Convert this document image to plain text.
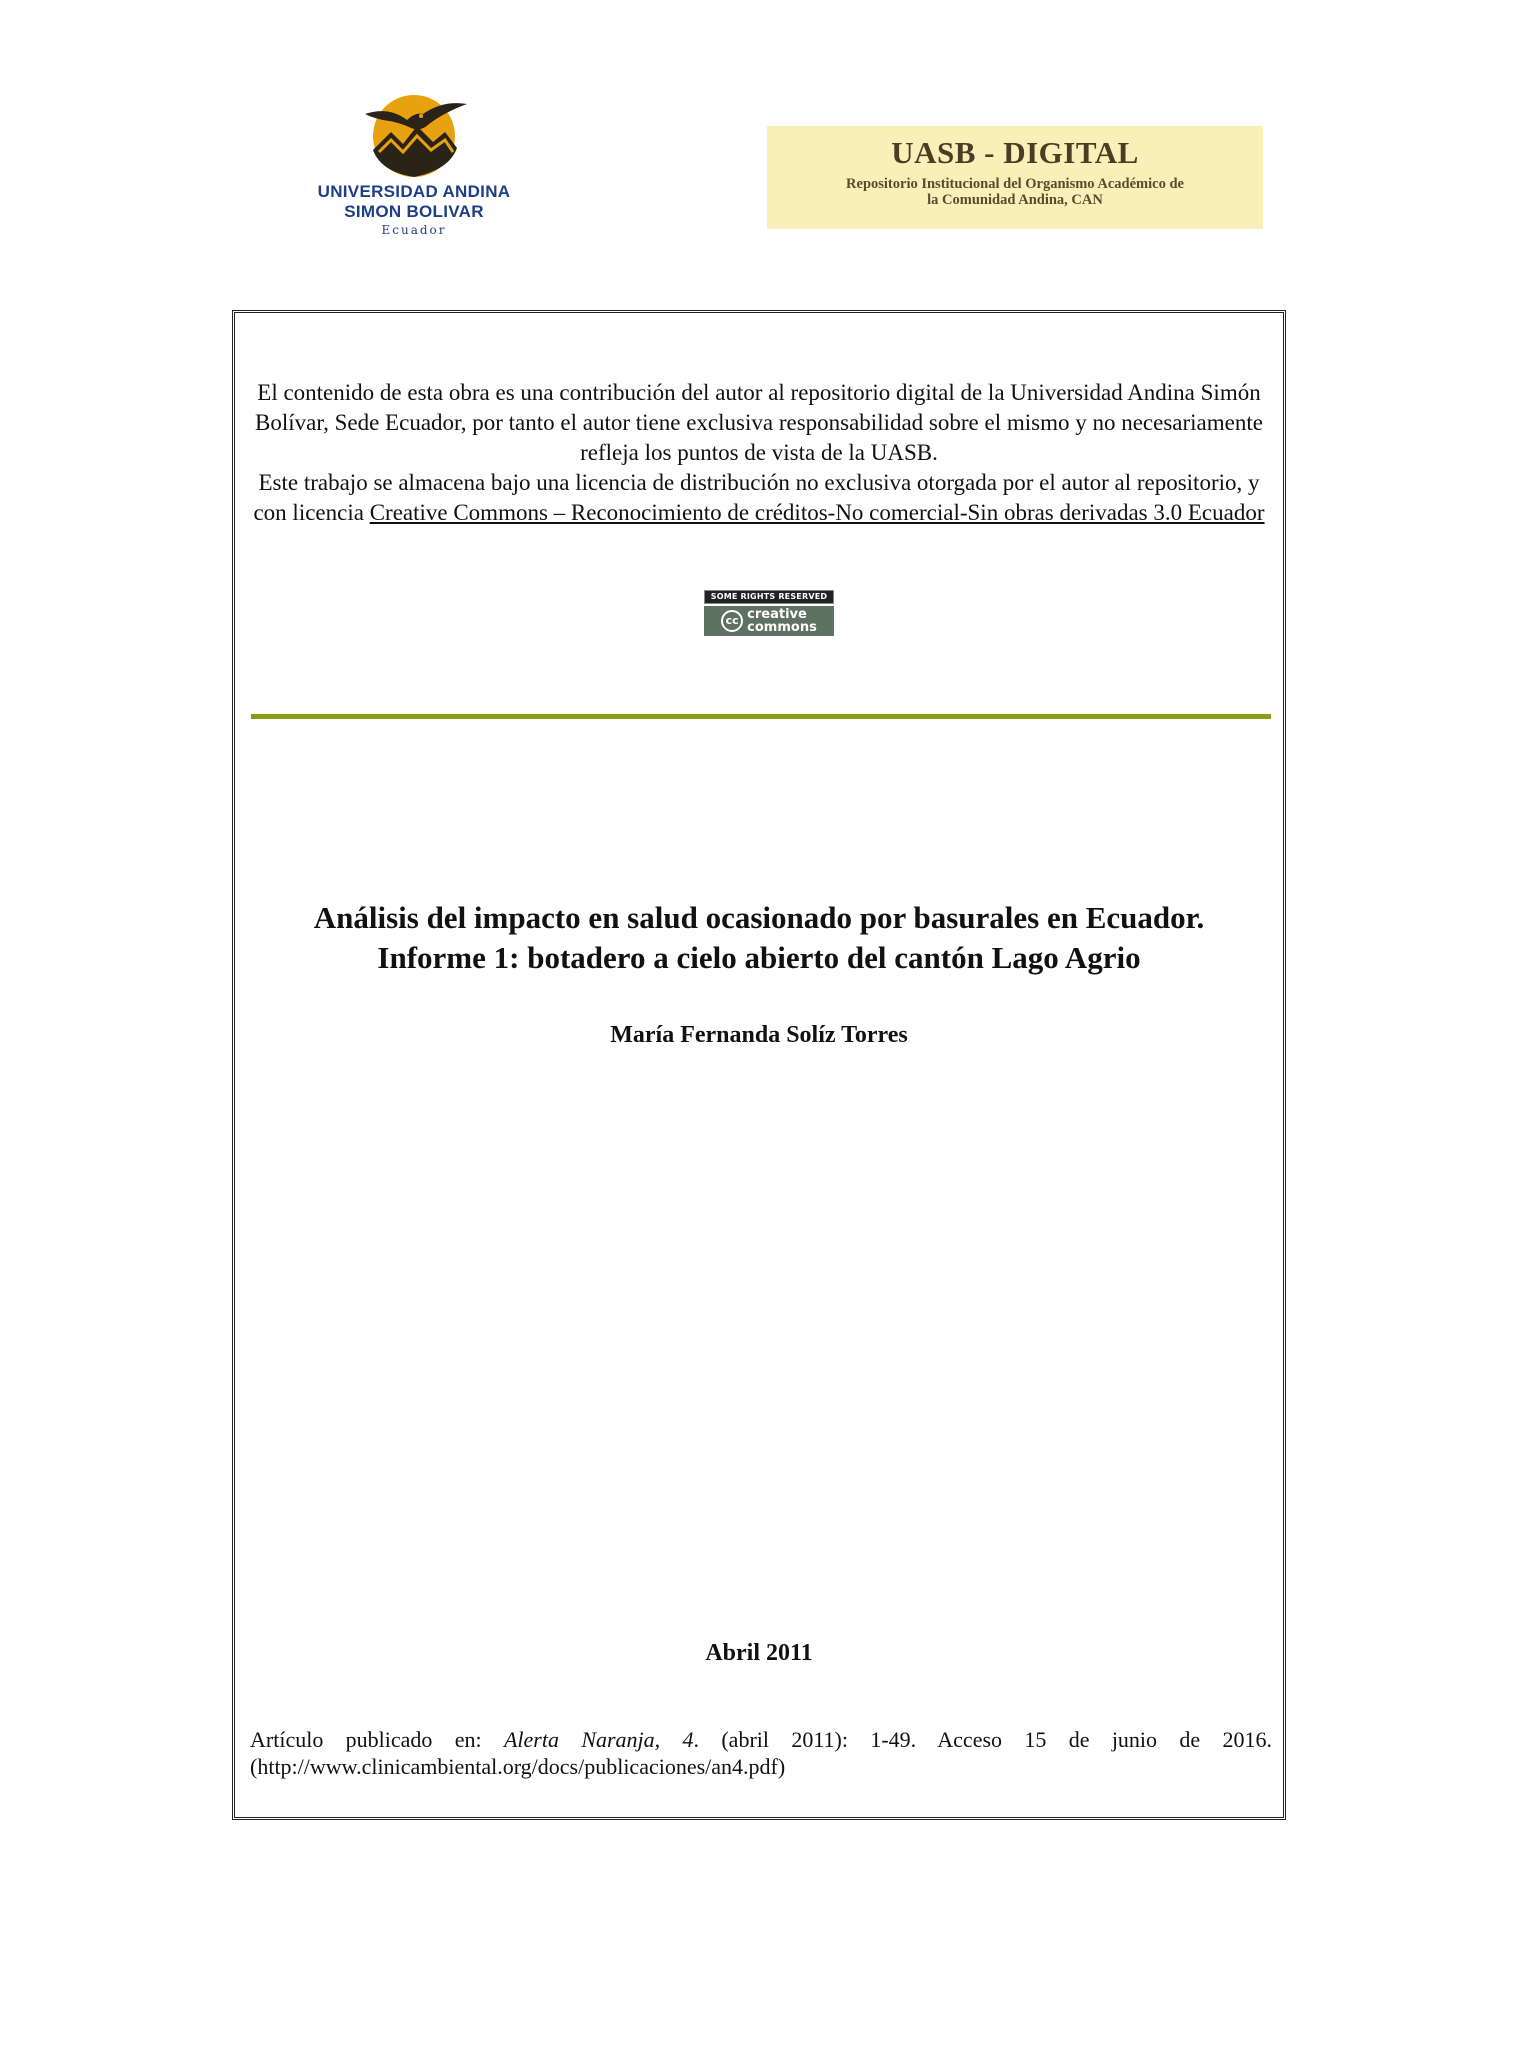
UNIVERSIDAD ANDINA
SIMON BOLIVAR
Ecuador
UASB - DIGITAL
Repositorio Institucional del Organismo Académico de
la Comunidad Andina, CAN
El contenido de esta obra es una contribución del autor al repositorio digital de la Universidad Andina Simón Bolívar, Sede Ecuador, por tanto el autor tiene exclusiva responsabilidad sobre el mismo y no necesariamente refleja los puntos de vista de la UASB.
Este trabajo se almacena bajo una licencia de distribución no exclusiva otorgada por el autor al repositorio, y con licencia Creative Commons – Reconocimiento de créditos-No comercial-Sin obras derivadas 3.0 Ecuador
SOME RIGHTS RESERVED
cc creative
commons
Análisis del impacto en salud ocasionado por basurales en Ecuador.
Informe 1: botadero a cielo abierto del cantón Lago Agrio
María Fernanda Solíz Torres
Abril 2011
Artículo publicado en: Alerta Naranja, 4. (abril 2011): 1-49. Acceso 15 de junio de 2016. (http://www.clinicambiental.org/docs/publicaciones/an4.pdf)
